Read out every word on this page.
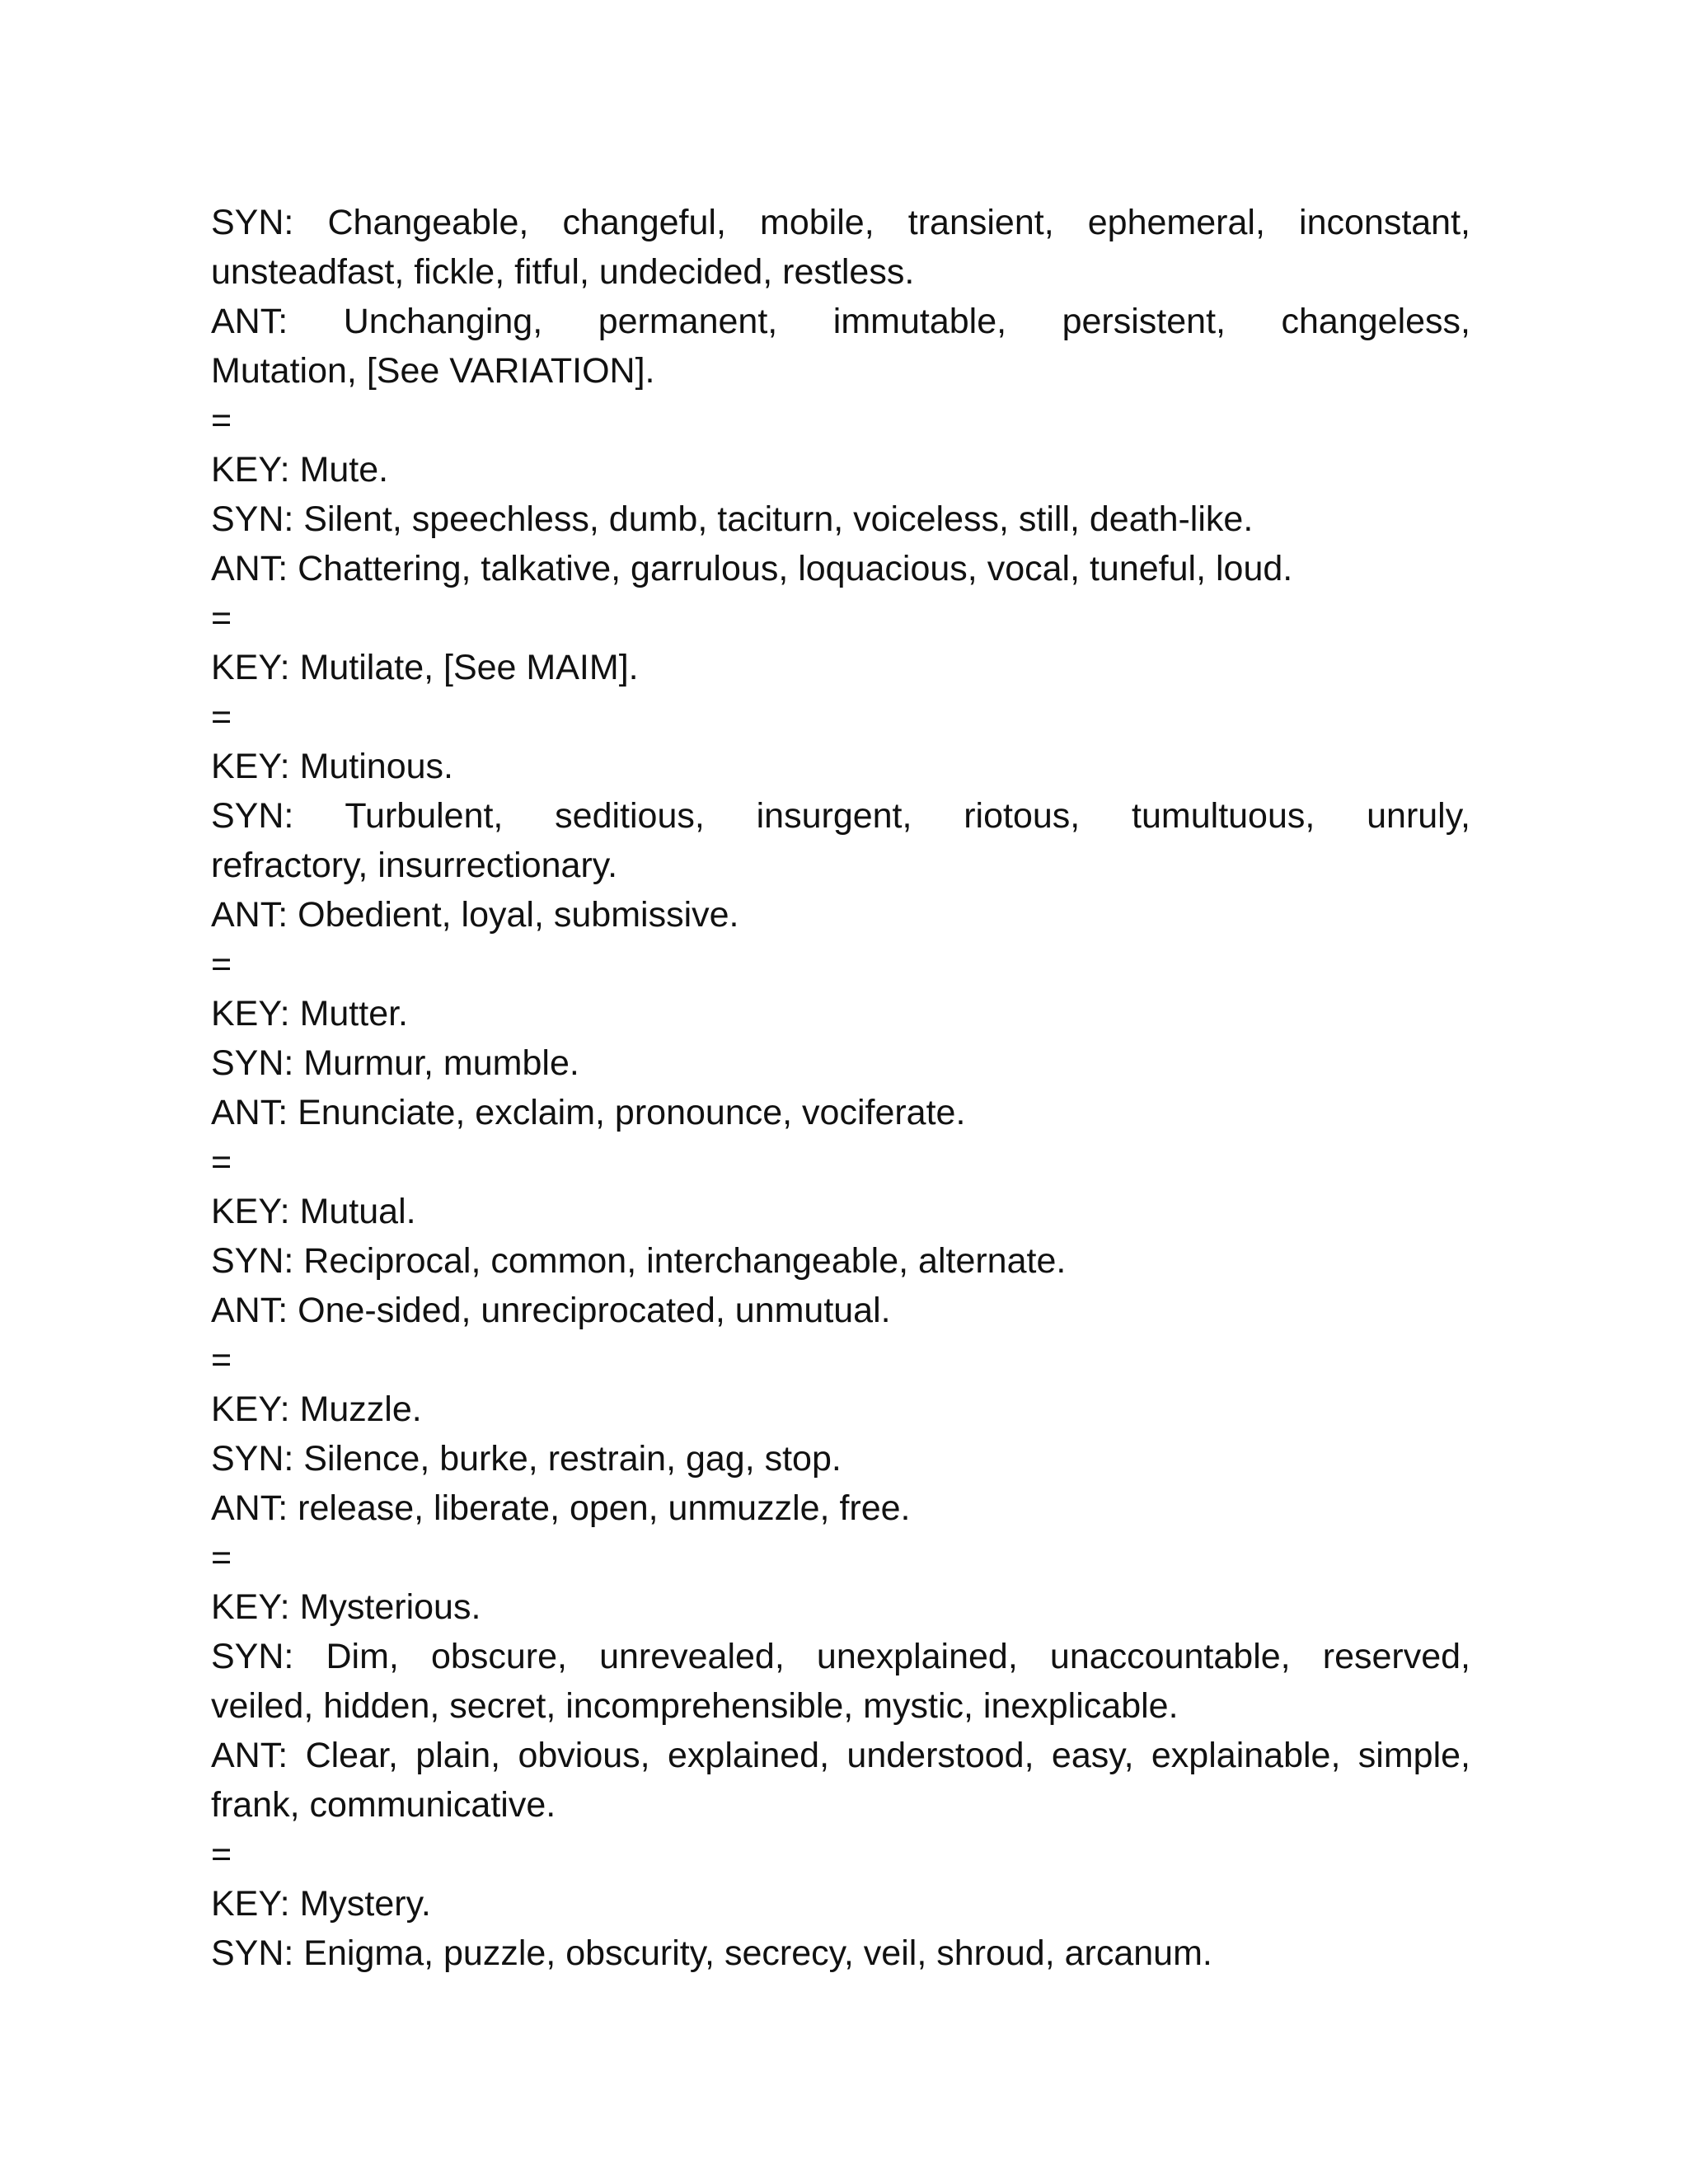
SYN: Changeable, changeful, mobile, transient, ephemeral, inconstant,

unsteadfast, fickle, fitful, undecided, restless.

ANT: Unchanging, permanent, immutable, persistent, changeless,

Mutation, [See VARIATION].

=

KEY: Mute.

SYN: Silent, speechless, dumb, taciturn, voiceless, still, death-like.

ANT: Chattering, talkative, garrulous, loquacious, vocal, tuneful, loud.

=

KEY: Mutilate, [See MAIM].

=

KEY: Mutinous.

SYN: Turbulent, seditious, insurgent, riotous, tumultuous, unruly,

refractory, insurrectionary.

ANT: Obedient, loyal, submissive.

=

KEY: Mutter.

SYN: Murmur, mumble.

ANT: Enunciate, exclaim, pronounce, vociferate.

=

KEY: Mutual.

SYN: Reciprocal, common, interchangeable, alternate.

ANT: One-sided, unreciprocated, unmutual.

=

KEY: Muzzle.

SYN: Silence, burke, restrain, gag, stop.

ANT: release, liberate, open, unmuzzle, free.

=

KEY: Mysterious.

SYN: Dim, obscure, unrevealed, unexplained, unaccountable, reserved,

veiled, hidden, secret, incomprehensible, mystic, inexplicable.

ANT: Clear, plain, obvious, explained, understood, easy, explainable, simple,

frank, communicative.

=

KEY: Mystery.

SYN: Enigma, puzzle, obscurity, secrecy, veil, shroud, arcanum.
